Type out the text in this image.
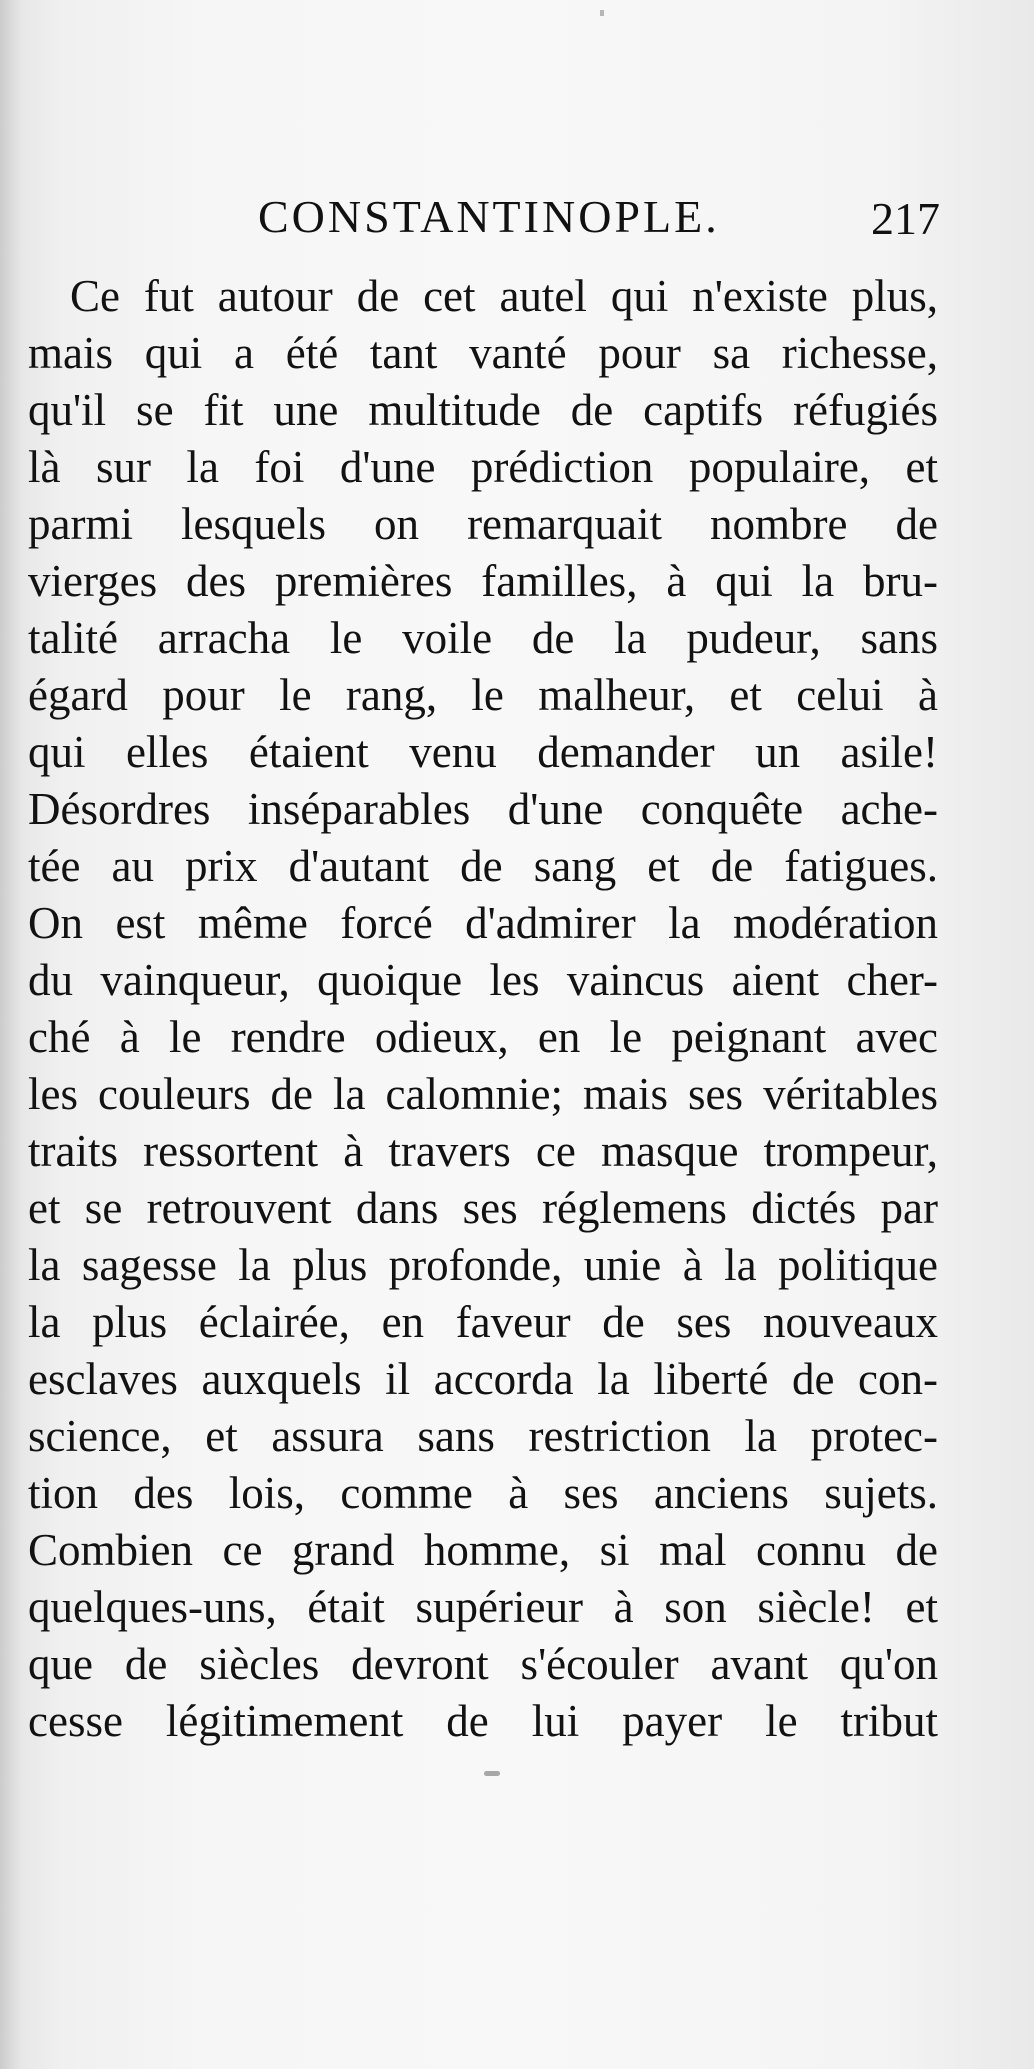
CONSTANTINOPLE.	217
Ce fut autour de cet autel qui n'existe plus,
mais qui a été tant vanté pour sa richesse,
qu'il se fit une multitude de captifs réfugiés
là sur la foi d'une prédiction populaire, et
parmi lesquels on remarquait nombre de
vierges des premières familles, à qui la bru-
talité arracha le voile de la pudeur, sans
égard pour le rang, le malheur, et celui à
qui elles étaient venu demander un asile!
Désordres inséparables d'une conquête ache-
tée au prix d'autant de sang et de fatigues.
On est même forcé d'admirer la modération
du vainqueur, quoique les vaincus aient cher-
ché à le rendre odieux, en le peignant avec
les couleurs de la calomnie; mais ses véritables
traits ressortent à travers ce masque trompeur,
et se retrouvent dans ses réglemens dictés par
la sagesse la plus profonde, unie à la politique
la plus éclairée, en faveur de ses nouveaux
esclaves auxquels il accorda la liberté de con-
science, et assura sans restriction la protec-
tion des lois, comme à ses anciens sujets.
Combien ce grand homme, si mal connu de
quelques-uns, était supérieur à son siècle! et
que de siècles devront s'écouler avant qu'on
cesse légitimement de lui payer le tribut
